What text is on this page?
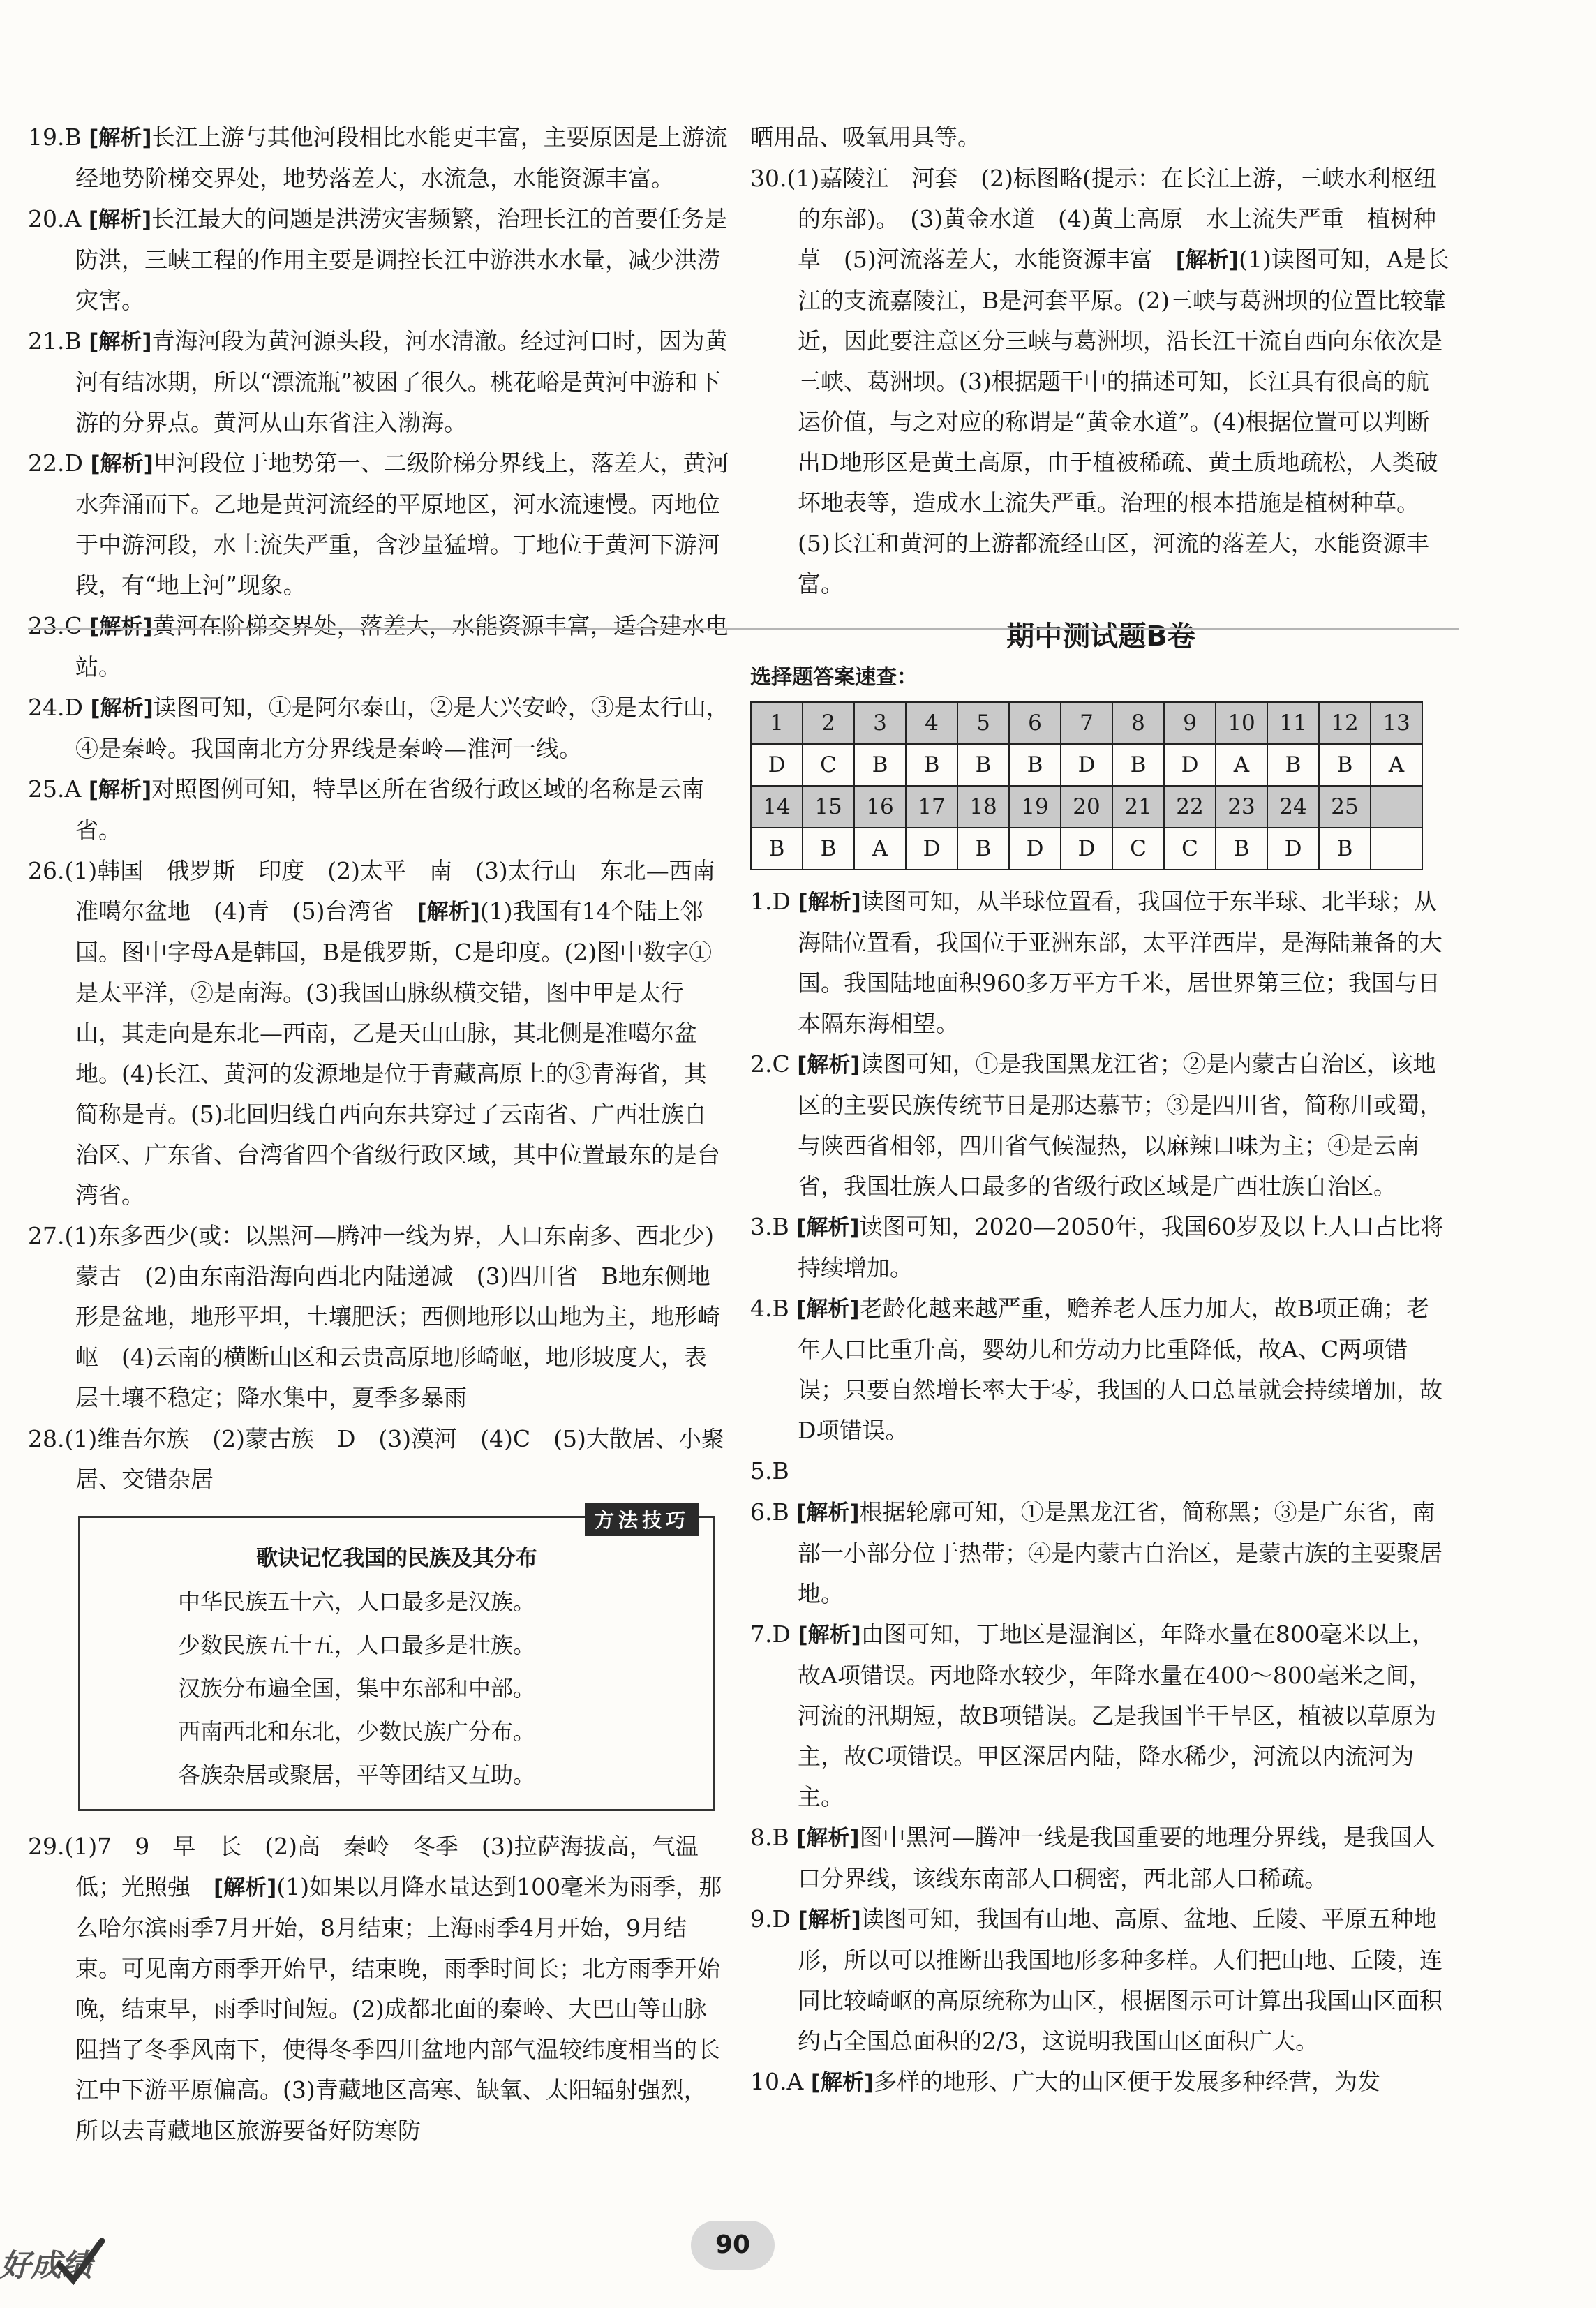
19.B [解析]长江上游与其他河段相比水能更丰富，主要原因是上游流经地势阶梯交界处，地势落差大，水流急，水能资源丰富。

20.A [解析]长江最大的问题是洪涝灾害频繁，治理长江的首要任务是防洪，三峡工程的作用主要是调控长江中游洪水水量，减少洪涝灾害。

21.B [解析]青海河段为黄河源头段，河水清澈。经过河口时，因为黄河有结冰期，所以“漂流瓶”被困了很久。桃花峪是黄河中游和下游的分界点。黄河从山东省注入渤海。

22.D [解析]甲河段位于地势第一、二级阶梯分界线上，落差大，黄河水奔涌而下。乙地是黄河流经的平原地区，河水流速慢。丙地位于中游河段，水土流失严重，含沙量猛增。丁地位于黄河下游河段，有“地上河”现象。

23.C [解析]黄河在阶梯交界处，落差大，水能资源丰富，适合建水电站。

24.D [解析]读图可知，①是阿尔泰山，②是大兴安岭，③是太行山，④是秦岭。我国南北方分界线是秦岭—淮河一线。

25.A [解析]对照图例可知，特旱区所在省级行政区域的名称是云南省。

26.(1)韩国　俄罗斯　印度　(2)太平　南　(3)太行山　东北—西南　准噶尔盆地　(4)青　(5)台湾省　[解析](1)我国有14个陆上邻国。图中字母A是韩国，B是俄罗斯，C是印度。(2)图中数字①是太平洋，②是南海。(3)我国山脉纵横交错，图中甲是太行山，其走向是东北—西南，乙是天山山脉，其北侧是准噶尔盆地。(4)长江、黄河的发源地是位于青藏高原上的③青海省，其简称是青。(5)北回归线自西向东共穿过了云南省、广西壮族自治区、广东省、台湾省四个省级行政区域，其中位置最东的是台湾省。

27.(1)东多西少(或：以黑河—腾冲一线为界，人口东南多、西北少)　蒙古　(2)由东南沿海向西北内陆递减　(3)四川省　B地东侧地形是盆地，地形平坦，土壤肥沃；西侧地形以山地为主，地形崎岖　(4)云南的横断山区和云贵高原地形崎岖，地形坡度大，表层土壤不稳定；降水集中，夏季多暴雨

28.(1)维吾尔族　(2)蒙古族　D　(3)漠河　(4)C　(5)大散居、小聚居、交错杂居

方法技巧
歌诀记忆我国的民族及其分布
中华民族五十六，人口最多是汉族。
少数民族五十五，人口最多是壮族。
汉族分布遍全国，集中东部和中部。
西南西北和东北，少数民族广分布。
各族杂居或聚居，平等团结又互助。

29.(1)7　9　早　长　(2)高　秦岭　冬季　(3)拉萨海拔高，气温低；光照强　[解析](1)如果以月降水量达到100毫米为雨季，那么哈尔滨雨季7月开始，8月结束；上海雨季4月开始，9月结束。可见南方雨季开始早，结束晚，雨季时间长；北方雨季开始晚，结束早，雨季时间短。(2)成都北面的秦岭、大巴山等山脉阻挡了冬季风南下，使得冬季四川盆地内部气温较纬度相当的长江中下游平原偏高。(3)青藏地区高寒、缺氧、太阳辐射强烈，所以去青藏地区旅游要备好防寒防

晒用品、吸氧用具等。

30.(1)嘉陵江　河套　(2)标图略(提示：在长江上游，三峡水利枢纽的东部)。　(3)黄金水道　(4)黄土高原　水土流失严重　植树种草　(5)河流落差大，水能资源丰富　[解析](1)读图可知，A是长江的支流嘉陵江，B是河套平原。(2)三峡与葛洲坝的位置比较靠近，因此要注意区分三峡与葛洲坝，沿长江干流自西向东依次是三峡、葛洲坝。(3)根据题干中的描述可知，长江具有很高的航运价值，与之对应的称谓是“黄金水道”。(4)根据位置可以判断出D地形区是黄土高原，由于植被稀疏、黄土质地疏松，人类破坏地表等，造成水土流失严重。治理的根本措施是植树种草。(5)长江和黄河的上游都流经山区，河流的落差大，水能资源丰富。

期中测试题B卷
选择题答案速查：
1	2	3	4	5	6	7	8	9	10	11	12	13
D	C	B	B	B	B	D	B	D	A	B	B	A
14	15	16	17	18	19	20	21	22	23	24	25	
B	B	A	D	B	D	D	C	C	B	D	B	

1.D [解析]读图可知，从半球位置看，我国位于东半球、北半球；从海陆位置看，我国位于亚洲东部，太平洋西岸，是海陆兼备的大国。我国陆地面积960多万平方千米，居世界第三位；我国与日本隔东海相望。

2.C [解析]读图可知，①是我国黑龙江省；②是内蒙古自治区，该地区的主要民族传统节日是那达慕节；③是四川省，简称川或蜀，与陕西省相邻，四川省气候湿热，以麻辣口味为主；④是云南省，我国壮族人口最多的省级行政区域是广西壮族自治区。

3.B [解析]读图可知，2020—2050年，我国60岁及以上人口占比将持续增加。

4.B [解析]老龄化越来越严重，赡养老人压力加大，故B项正确；老年人口比重升高，婴幼儿和劳动力比重降低，故A、C两项错误；只要自然增长率大于零，我国的人口总量就会持续增加，故D项错误。

5.B

6.B [解析]根据轮廓可知，①是黑龙江省，简称黑；③是广东省，南部一小部分位于热带；④是内蒙古自治区，是蒙古族的主要聚居地。

7.D [解析]由图可知，丁地区是湿润区，年降水量在800毫米以上，故A项错误。丙地降水较少，年降水量在400～800毫米之间，河流的汛期短，故B项错误。乙是我国半干旱区，植被以草原为主，故C项错误。甲区深居内陆，降水稀少，河流以内流河为主。

8.B [解析]图中黑河—腾冲一线是我国重要的地理分界线，是我国人口分界线，该线东南部人口稠密，西北部人口稀疏。

9.D [解析]读图可知，我国有山地、高原、盆地、丘陵、平原五种地形，所以可以推断出我国地形多种多样。人们把山地、丘陵，连同比较崎岖的高原统称为山区，根据图示可计算出我国山区面积约占全国总面积的2/3，这说明我国山区面积广大。

10.A [解析]多样的地形、广大的山区便于发展多种经营，为发

好成绩
90
